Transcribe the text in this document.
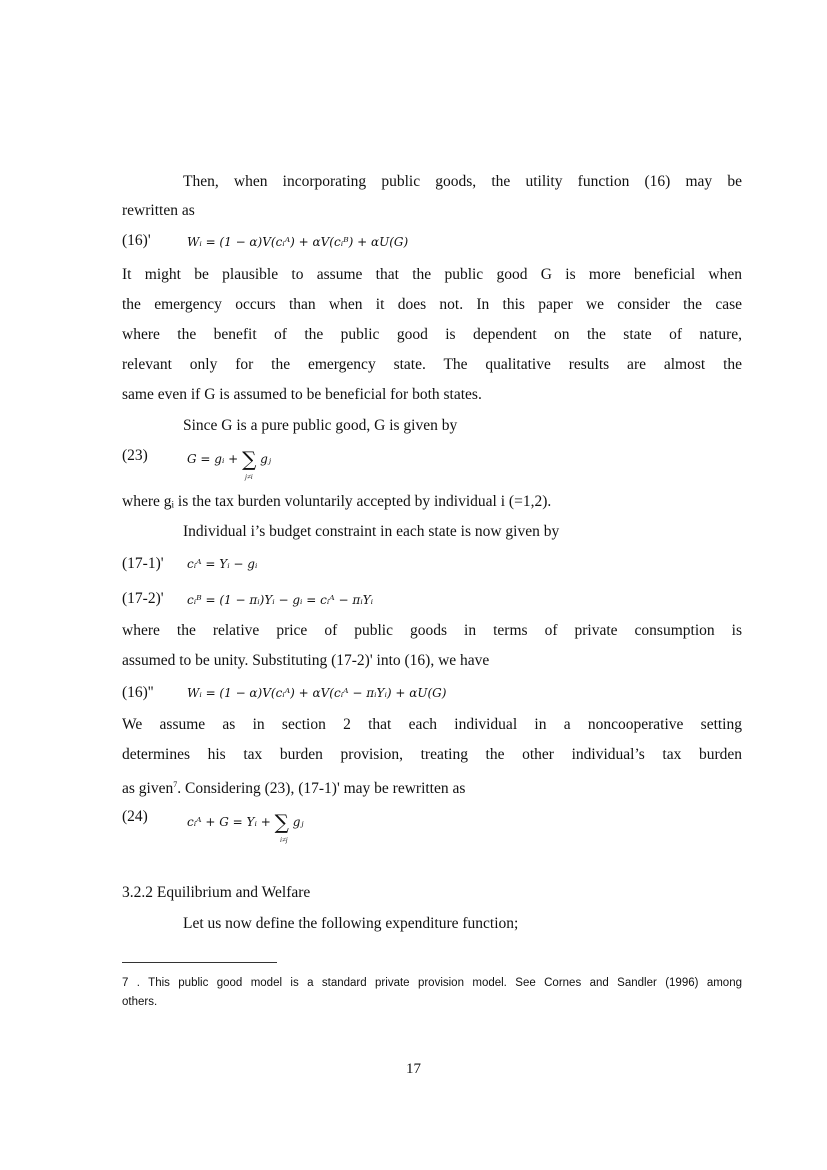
Then, when incorporating public goods, the utility function (16) may be
rewritten as
(16)'	Wᵢ = (1 − α)V(cᵢᴬ) + αV(cᵢᴮ) + αU(G)
It might be plausible to assume that the public good G is more beneficial when
the emergency occurs than when it does not. In this paper we consider the case
where the benefit of the public good is dependent on the state of nature,
relevant only for the emergency state. The qualitative results are almost the
same even if G is assumed to be beneficial for both states.
Since G is a pure public good, G is given by
(23)	G = gᵢ + ∑ gⱼ
j≠i
where gᵢ is the tax burden voluntarily accepted by individual i (=1,2).
Individual i’s budget constraint in each state is now given by
(17-1)' cᵢᴬ = Yᵢ − gᵢ
(17-2)' cᵢᴮ = (1 − πᵢ)Yᵢ − gᵢ = cᵢᴬ − πᵢYᵢ
where the relative price of public goods in terms of private consumption is
assumed to be unity. Substituting (17-2)' into (16), we have
(16)''	Wᵢ = (1 − α)V(cᵢᴬ) + αV(cᵢᴬ − πᵢYᵢ) + αU(G)
We assume as in section 2 that each individual in a noncooperative setting
determines his tax burden provision, treating the other individual’s tax burden
as given$^7$. Considering (23), (17-1)' may be rewritten as
(24)	cᵢᴬ + G = Yᵢ + ∑ gⱼ
i≠j
3.2.2 Equilibrium and Welfare
Let us now define the following expenditure function;
7 . This public good model is a standard private provision model. See Cornes and Sandler (1996) among
others.
17
